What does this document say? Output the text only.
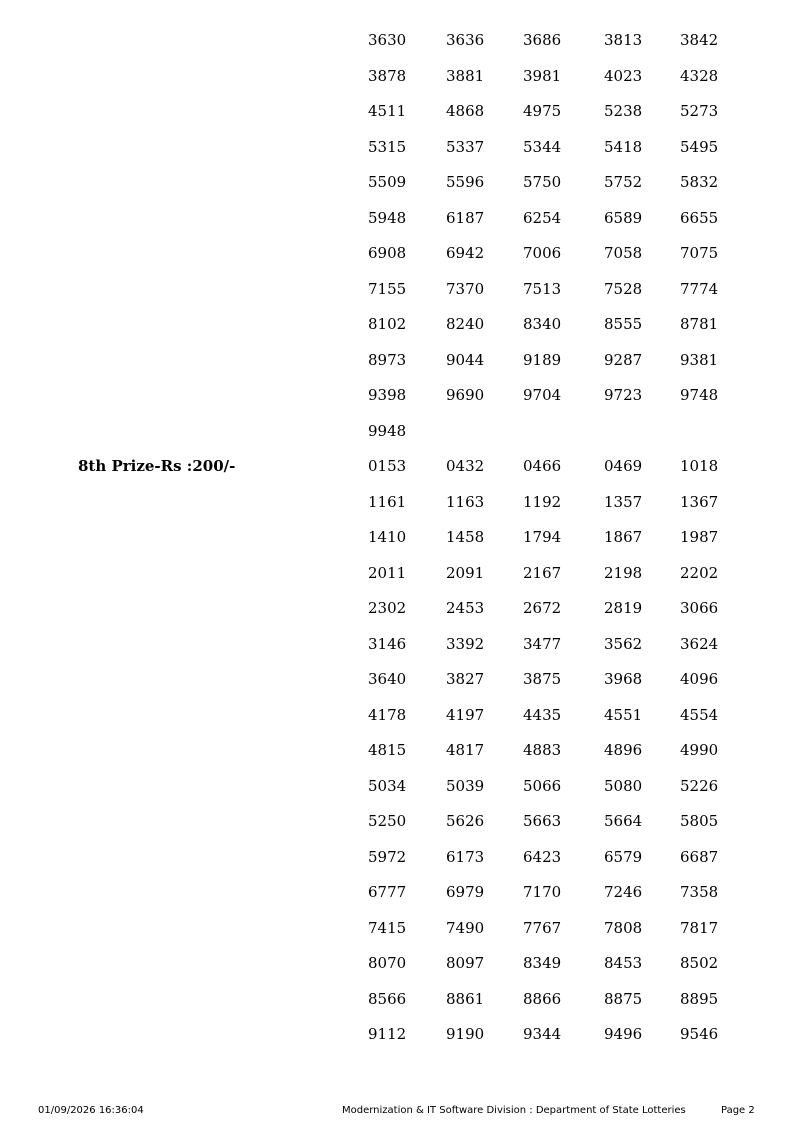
3630	3636	3686	3813	3842
3878	3881	3981	4023	4328
4511	4868	4975	5238	5273
5315	5337	5344	5418	5495
5509	5596	5750	5752	5832
5948	6187	6254	6589	6655
6908	6942	7006	7058	7075
7155	7370	7513	7528	7774
8102	8240	8340	8555	8781
8973	9044	9189	9287	9381
9398	9690	9704	9723	9748
9948
8th Prize-Rs :200/-	0153	0432	0466	0469	1018
1161	1163	1192	1357	1367
1410	1458	1794	1867	1987
2011	2091	2167	2198	2202
2302	2453	2672	2819	3066
3146	3392	3477	3562	3624
3640	3827	3875	3968	4096
4178	4197	4435	4551	4554
4815	4817	4883	4896	4990
5034	5039	5066	5080	5226
5250	5626	5663	5664	5805
5972	6173	6423	6579	6687
6777	6979	7170	7246	7358
7415	7490	7767	7808	7817
8070	8097	8349	8453	8502
8566	8861	8866	8875	8895
9112	9190	9344	9496	9546
01/09/2026 16:36:04	Modernization & IT Software Division : Department of State Lotteries	Page 2
